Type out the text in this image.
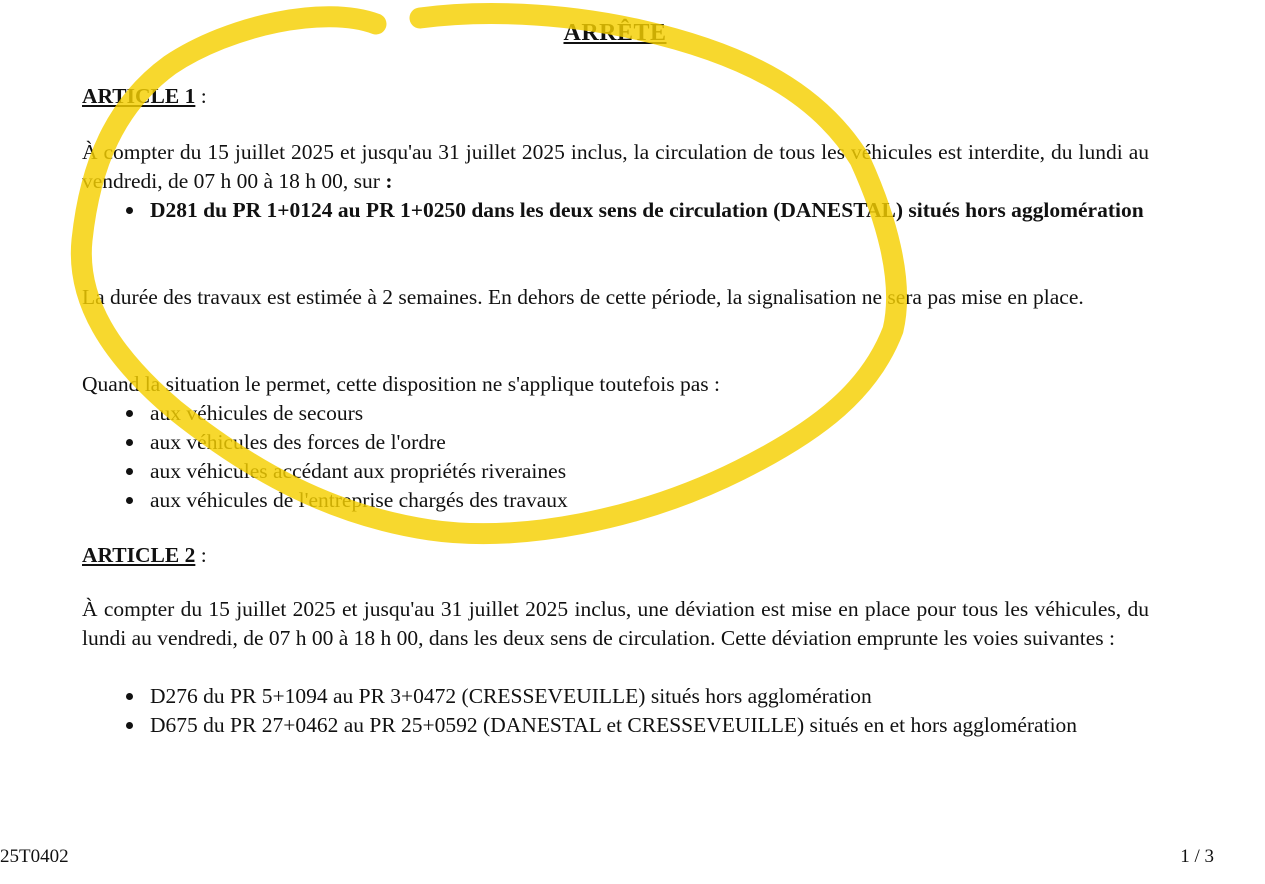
ARRÊTE
ARTICLE 1 :

À compter du 15 juillet 2025 et jusqu'au 31 juillet 2025 inclus, la circulation de tous les véhicules est interdite, du lundi au vendredi, de 07 h 00 à 18 h 00, sur :

D281 du PR 1+0124 au PR 1+0250 dans les deux sens de circulation (DANESTAL) situés hors agglomération

La durée des travaux est estimée à 2 semaines. En dehors de cette période, la signalisation ne sera pas mise en place.

Quand la situation le permet, cette disposition ne s'applique toutefois pas :

aux véhicules de secours
aux véhicules des forces de l'ordre
aux véhicules accédant aux propriétés riveraines
aux véhicules de l'entreprise chargés des travaux
ARTICLE 2 :

À compter du 15 juillet 2025 et jusqu'au 31 juillet 2025 inclus, une déviation est mise en place pour tous les véhicules, du lundi au vendredi, de 07 h 00 à 18 h 00, dans les deux sens de circulation. Cette déviation emprunte les voies suivantes :

D276 du PR 5+1094 au PR 3+0472 (CRESSEVEUILLE) situés hors agglomération
D675 du PR 27+0462 au PR 25+0592 (DANESTAL et CRESSEVEUILLE) situés en et hors agglomération
25T0402	1 / 3
